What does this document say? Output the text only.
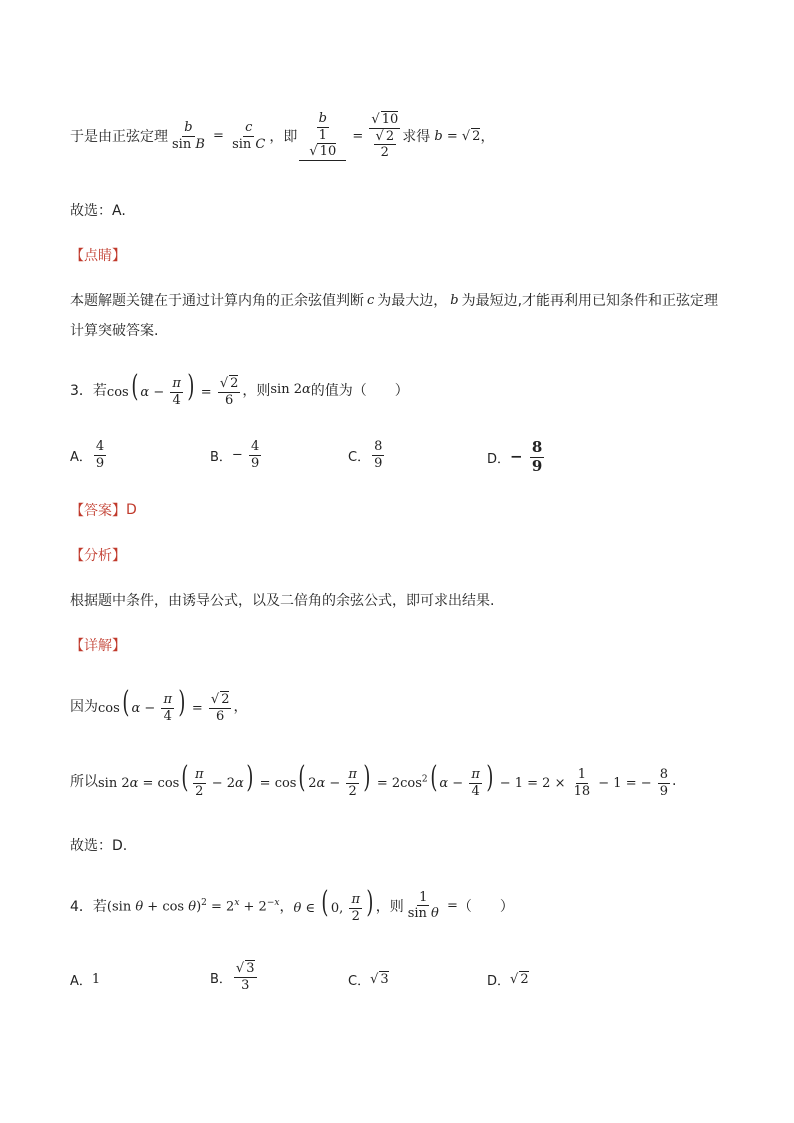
于是由正弦定理 $\frac{b}{\text{sin B}} = \frac{c}{\text{sin C}}$ ，即 $\frac{b}{\frac{1}{√ 10}} = \frac{√ 10}{\frac{√ 2}{2}}$ 求得 b = √ 2 ，
故选：A.
【点睛】
本题解题关键在于通过计算内角的正余弦值判断 c 为最大边， b 为最短边,才能再利用已知条件和正弦定理
计算突破答案.
3．若 cos( $\alpha - \frac{\pi}{4}$ ) = $\frac{√ 2}{6}$ ，则 sin 2α 的值为（　　）
A． $\frac{4}{9}$	B． − $\frac{4}{9}$	C． $\frac{8}{9}$	D． − $\frac{8}{9}$
【答案】 D
【分析】
根据题中条件，由诱导公式，以及二倍角的余弦公式，即可求出结果.
【详解】
因为 cos( $\alpha - \frac{\pi}{4}$ ) = $\frac{√ 2}{6}$ ，
所以 $\sin 2\alpha = \cos( \frac{\pi}{2} - 2\alpha) = \cos$( $2\alpha - \frac{\pi}{2}$ ) = $2\cos^2$( $\alpha - \frac{\pi}{4}$ ) − $1 = 2 \times \frac{1}{18} - 1$ = − $\frac{8}{9}$ .
故选：D.
4．若 (sin $\theta + \cos \theta)^2 = 2^x + 2^{-x}$ ， θ ∈ ( 0, $\frac{\pi}{2}$ ) ，则 $\frac{1}{\text{sin θ}}$ = （　　）
A． 1	B． $\frac{√ 3}{3}$	C． √ 3	D． √ 2
